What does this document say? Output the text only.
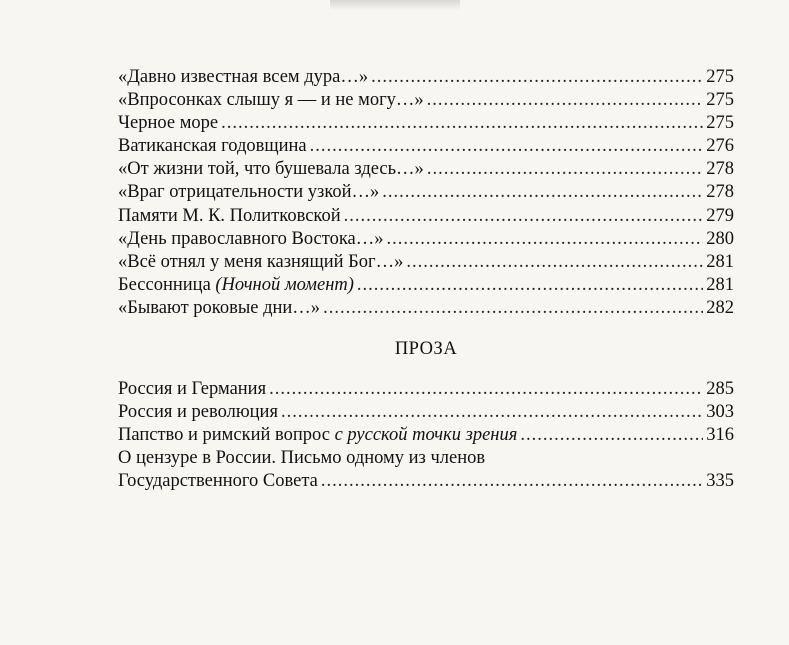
«Давно известная всем дура…» .....	275
«Впросонках слышу я — и не могу…» .....	275
Черное море .....	275
Ватиканская годовщина .....	276
«От жизни той, что бушевала здесь…» .....	278
«Враг отрицательности узкой…» .....	278
Памяти М. К. Политковской .....	279
«День православного Востока…» .....	280
«Всё отнял у меня казнящий Бог…» .....	281
Бессонница (Ночной момент) .....	281
«Бывают роковые дни…» .....	282
ПРОЗА
Россия и Германия .....	285
Россия и революция .....	303
Папство и римский вопрос с русской точки зрения .....	316
О цензуре в России. Письмо одному из членов
Государственного Совета .....	335
